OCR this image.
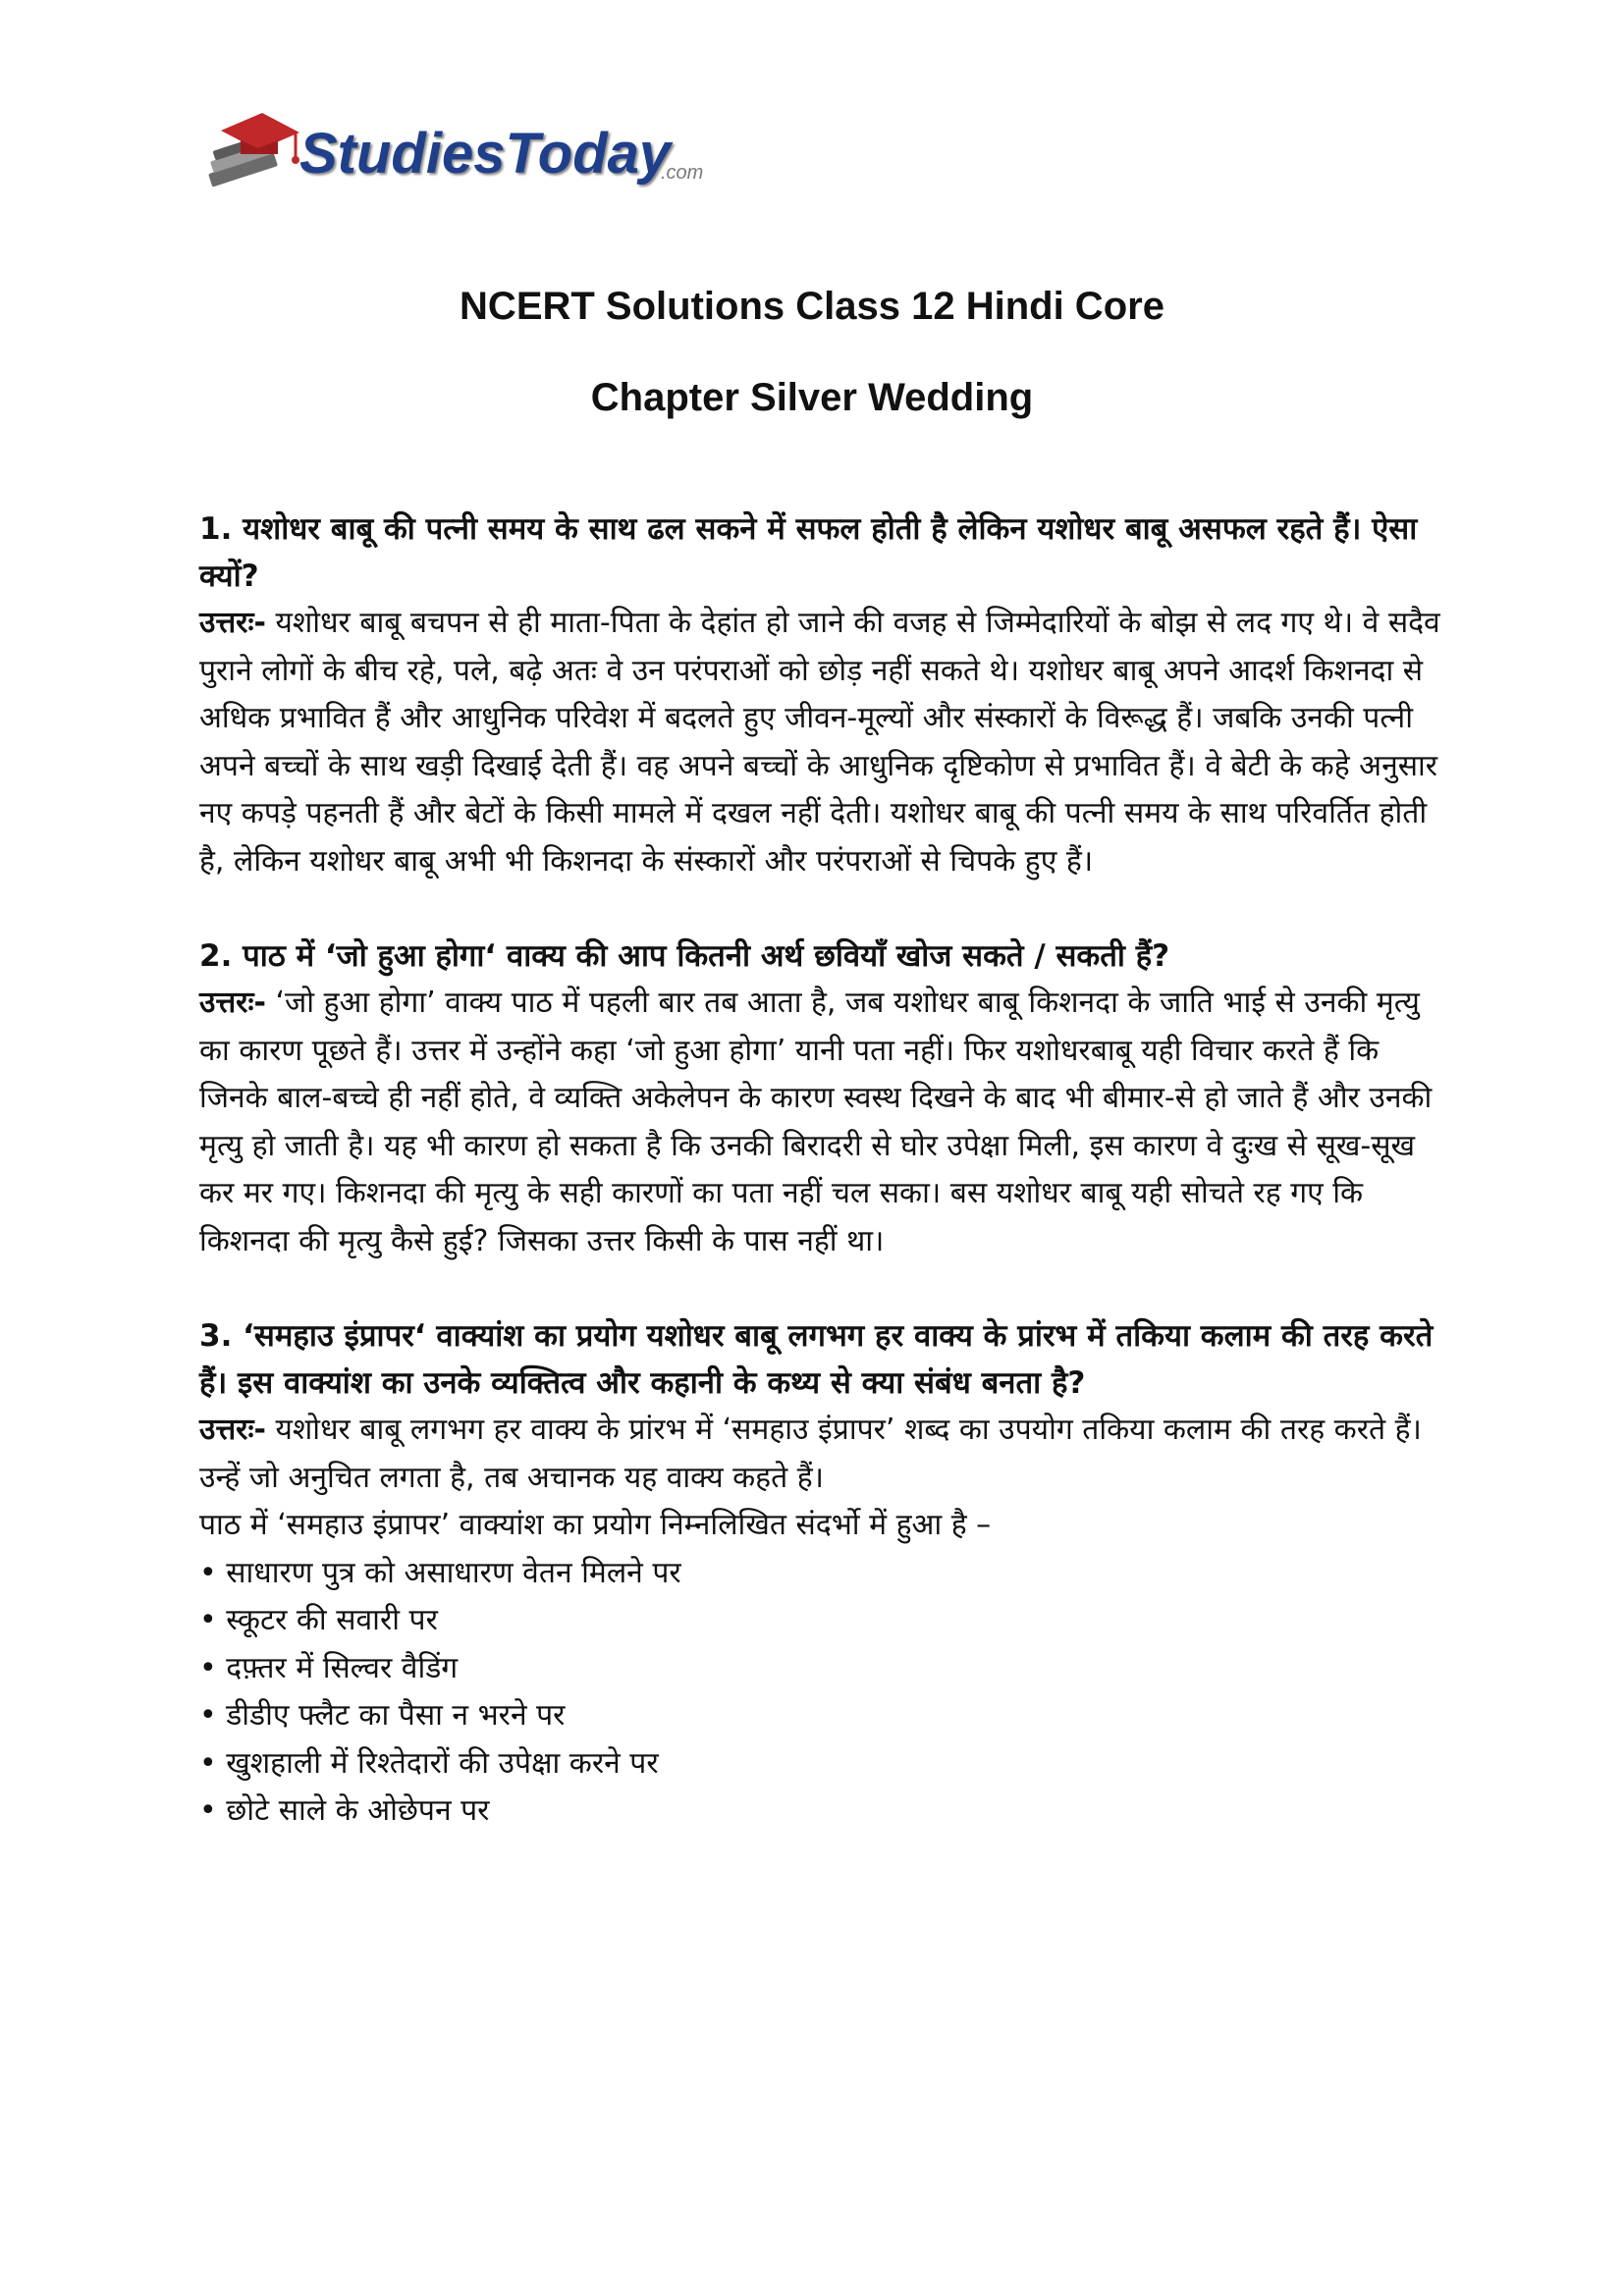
StudiesToday
.com
NCERT Solutions Class 12 Hindi Core
Chapter Silver Wedding

1. यशोधर बाबू की पत्नी समय के साथ ढल सकने में सफल होती है लेकिन यशोधर बाबू असफल रहते हैं। ऐसा क्यों?

उत्तरः- यशोधर बाबू बचपन से ही माता-पिता के देहांत हो जाने की वजह से जिम्मेदारियों के बोझ से लद गए थे। वे सदैव पुराने लोगों के बीच रहे, पले, बढ़े अतः वे उन परंपराओं को छोड़ नहीं सकते थे। यशोधर बाबू अपने आदर्श किशनदा से अधिक प्रभावित हैं और आधुनिक परिवेश में बदलते हुए जीवन-मूल्यों और संस्कारों के विरूद्ध हैं। जबकि उनकी पत्नी अपने बच्चों के साथ खड़ी दिखाई देती हैं। वह अपने बच्चों के आधुनिक दृष्टिकोण से प्रभावित हैं। वे बेटी के कहे अनुसार नए कपड़े पहनती हैं और बेटों के किसी मामले में दखल नहीं देती। यशोधर बाबू की पत्नी समय के साथ परिवर्तित होती है, लेकिन यशोधर बाबू अभी भी किशनदा के संस्कारों और परंपराओं से चिपके हुए हैं।

2. पाठ में ‘जो हुआ होगा‘ वाक्य की आप कितनी अर्थ छवियाँ खोज सकते / सकती हैं?

उत्तरः- ‘जो हुआ होगा’ वाक्य पाठ में पहली बार तब आता है, जब यशोधर बाबू किशनदा के जाति भाई से उनकी मृत्यु का कारण पूछते हैं। उत्तर में उन्होंने कहा ‘जो हुआ होगा’ यानी पता नहीं। फिर यशोधरबाबू यही विचार करते हैं कि जिनके बाल-बच्चे ही नहीं होते, वे व्यक्ति अकेलेपन के कारण स्वस्थ दिखने के बाद भी बीमार-से हो जाते हैं और उनकी मृत्यु हो जाती है। यह भी कारण हो सकता है कि उनकी बिरादरी से घोर उपेक्षा मिली, इस कारण वे दुःख से सूख-सूख कर मर गए। किशनदा की मृत्यु के सही कारणों का पता नहीं चल सका। बस यशोधर बाबू यही सोचते रह गए कि किशनदा की मृत्यु कैसे हुई? जिसका उत्तर किसी के पास नहीं था।

3. ‘समहाउ इंप्रापर‘ वाक्यांश का प्रयोग यशोधर बाबू लगभग हर वाक्य के प्रांरभ में तकिया कलाम की तरह करते हैं। इस वाक्यांश का उनके व्यक्तित्व और कहानी के कथ्य से क्या संबंध बनता है?

उत्तरः- यशोधर बाबू लगभग हर वाक्य के प्रांरभ में ‘समहाउ इंप्रापर’ शब्द का उपयोग तकिया कलाम की तरह करते हैं। उन्हें जो अनुचित लगता है, तब अचानक यह वाक्य कहते हैं।

पाठ में ‘समहाउ इंप्रापर’ वाक्यांश का प्रयोग निम्नलिखित संदर्भो में हुआ है –

• साधारण पुत्र को असाधारण वेतन मिलने पर
• स्कूटर की सवारी पर
• दफ़्तर में सिल्वर वैडिंग
• डीडीए फ्लैट का पैसा न भरने पर
• खुशहाली में रिश्तेदारों की उपेक्षा करने पर
• छोटे साले के ओछेपन पर
